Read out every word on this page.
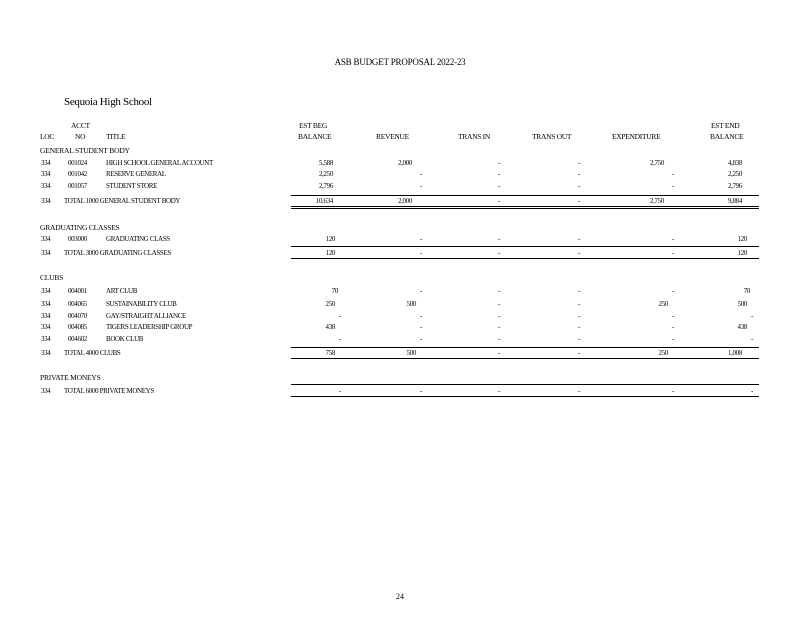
ASB BUDGET PROPOSAL 2022-23
Sequoia High School
ACCT
LOC	NO	TITLE
EST BEG
BALANCE	REVENUE	TRANS IN	TRANS OUT	EXPENDITURE
EST END
BALANCE
GENERAL STUDENT BODY
334	001024	HIGH SCHOOL GENERAL ACCOUNT	5,588	2,000	-	-	2,750	4,838
334	001042	RESERVE GENERAL	2,250	-	-	-	-	2,250
334	001057	STUDENT STORE	2,796	-	-	-	-	2,796
334 TOTAL 1000 GENERAL STUDENT BODY	10,634	2,000	-	-	2,750	9,884
GRADUATING CLASSES
334	003000	GRADUATING CLASS	120	-	-	-	-	120
334 TOTAL 3000 GRADUATING CLASSES	120	-	-	-	-	120
CLUBS
334	004001	ART CLUB	70	-	-	-	-	70
334	004065	SUSTAINABILITY CLUB	250	500	-	-	250	500
334	004070	GAY/STRAIGHT ALLIANCE	-	-	-	-	-	-
334	004085	TIGERS LEADERSHIP GROUP	438	-	-	-	-	438
334	004602	BOOK CLUB	-	-	-	-	-	-
334 TOTAL 4000 CLUBS	758	500	-	-	250	1,008
PRIVATE MONEYS
334 TOTAL 6000 PRIVATE MONEYS	-	-	-	-	-	-
24
